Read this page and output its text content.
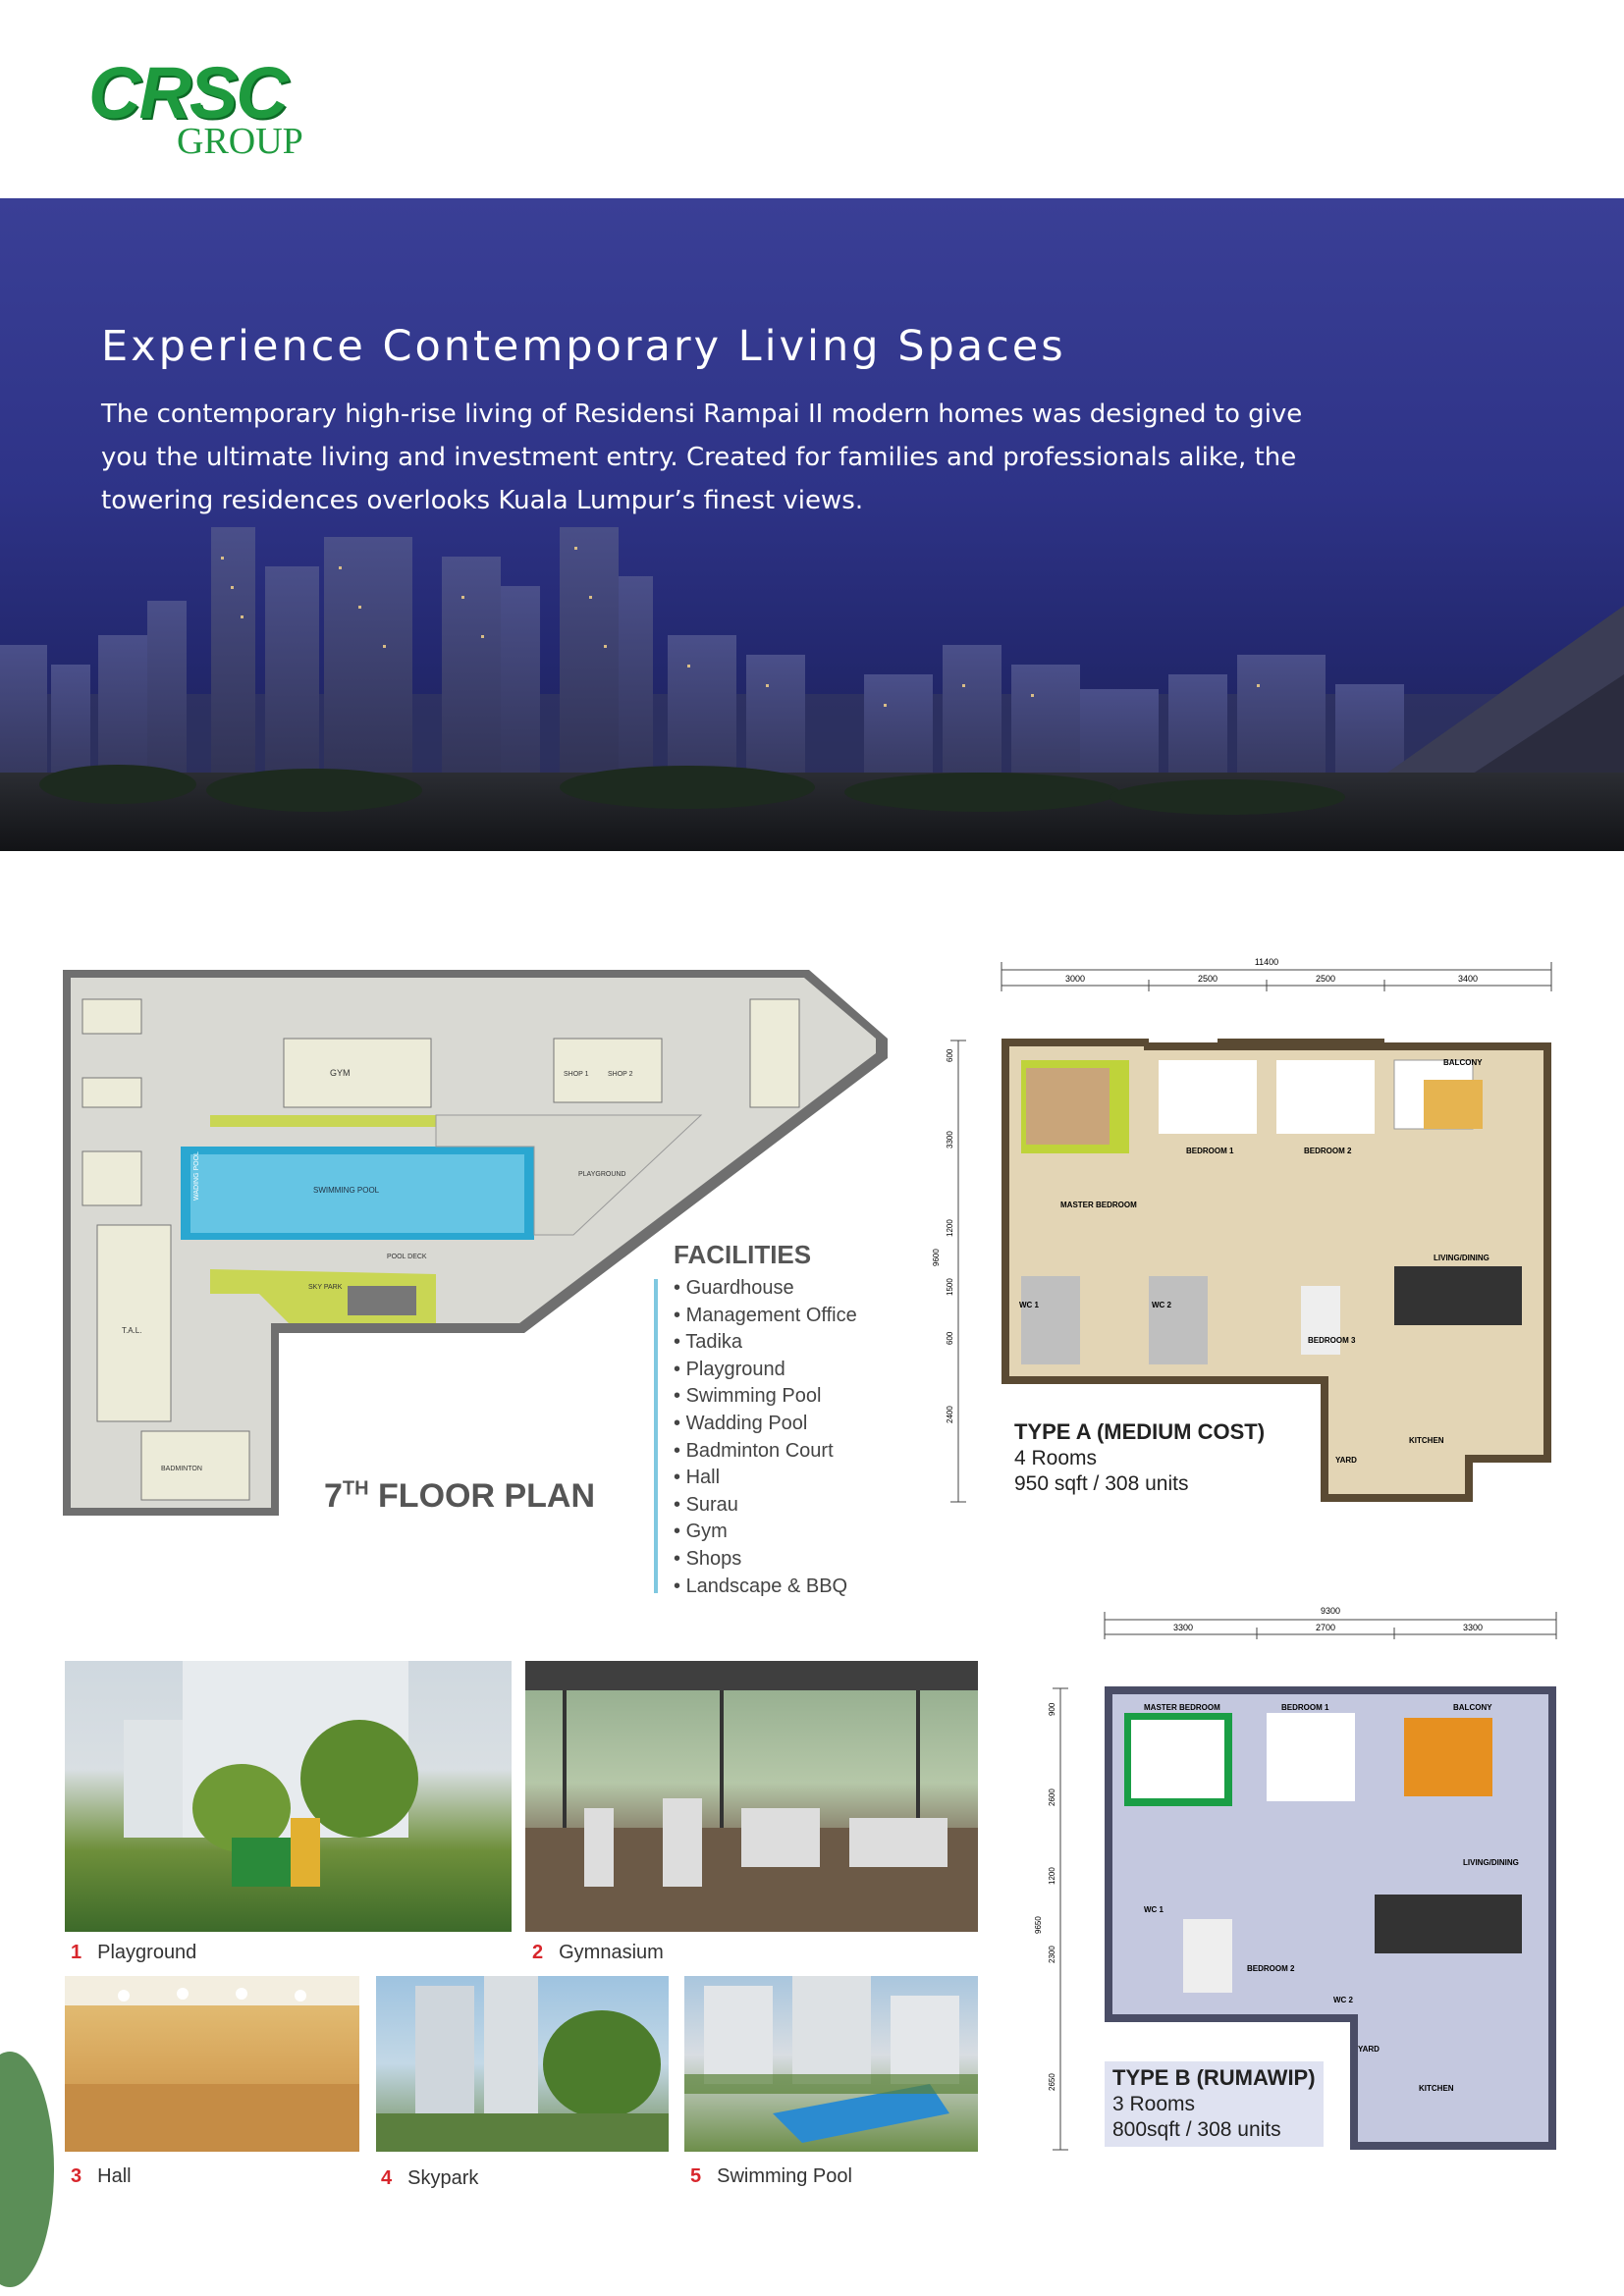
CRSC
GROUP
Experience Contemporary Living Spaces
The contemporary high-rise living of Residensi Rampai II modern homes was designed to give you the ultimate living and investment entry. Created for families and professionals alike, the towering residences overlooks Kuala Lumpur’s finest views.
GYM	SHOP 1	SHOP 2
SWIMMING POOL
PLAYGROUND
POOL DECK
SKY PARK
BADMINTON
T.A.L.
WADING POOL
7TH FLOOR PLAN
FACILITIES
• Guardhouse
• Management Office
• Tadika
• Playground
• Swimming Pool
• Wadding Pool
• Badminton Court
• Hall
• Surau
• Gym
• Shops
• Landscape & BBQ
11400
3000	2500	2500	3400
600
3300
1200
1500
600
2400
9600
MASTER BEDROOM
BEDROOM 1	BEDROOM 2
BEDROOM 3
BALCONY
LIVING/DINING
WC 1	WC 2
KITCHEN
YARD
TYPE A (MEDIUM COST)
4 Rooms
950 sqft / 308 units
9300
3300	2700	3300
900
2600
1200
2300
2650
9650
MASTER BEDROOM	BEDROOM 1	BALCONY
LIVING/DINING
WC 1
BEDROOM 2
WC 2
YARD
KITCHEN
TYPE B (RUMAWIP)
3 Rooms
800sqft / 308 units
1 Playground	2 Gymnasium
3 Hall	4 Skypark	5 Swimming Pool
